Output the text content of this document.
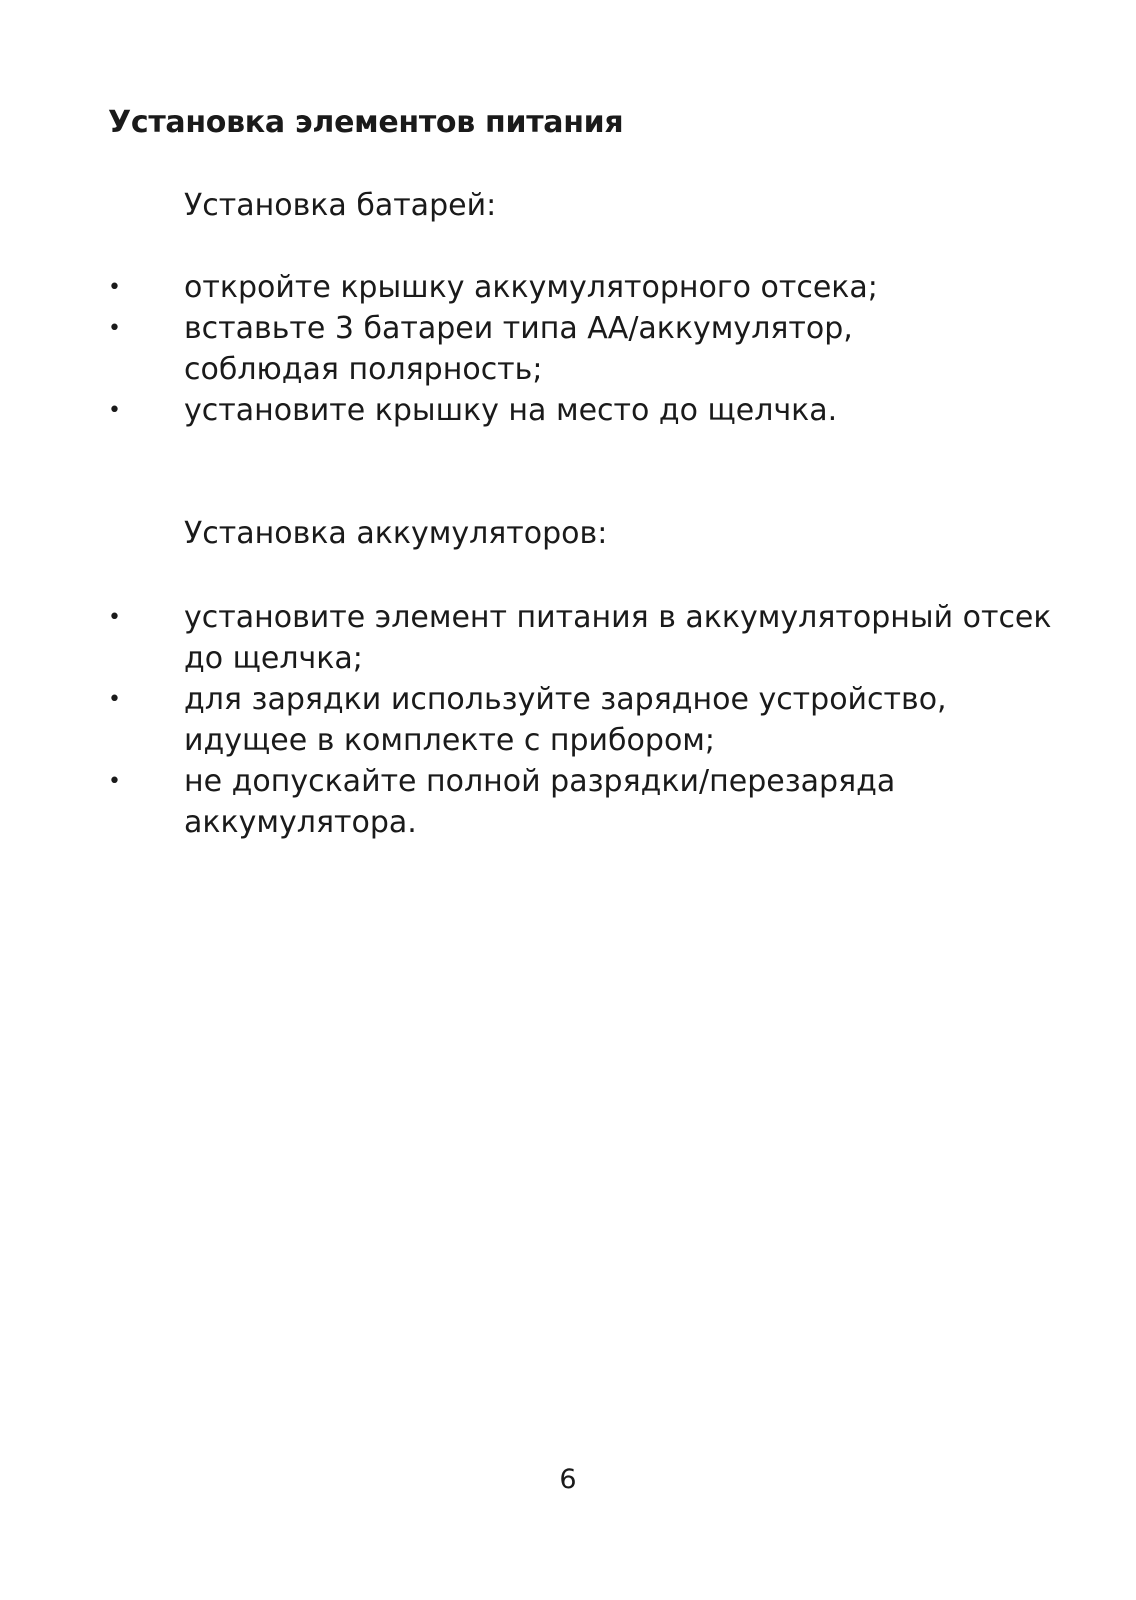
Установка элементов питания

Установка батарей:

• откройте крышку аккумуляторного отсека;
• вставьте 3 батареи типа АА/аккумулятор,
соблюдая полярность;
• установите крышку на место до щелчка.

Установка аккумуляторов:

• установите элемент питания в аккумуляторный отсек
до щелчка;
• для зарядки используйте зарядное устройство,
идущее в комплекте с прибором;
• не допускайте полной разрядки/перезаряда
аккумулятора.
6
